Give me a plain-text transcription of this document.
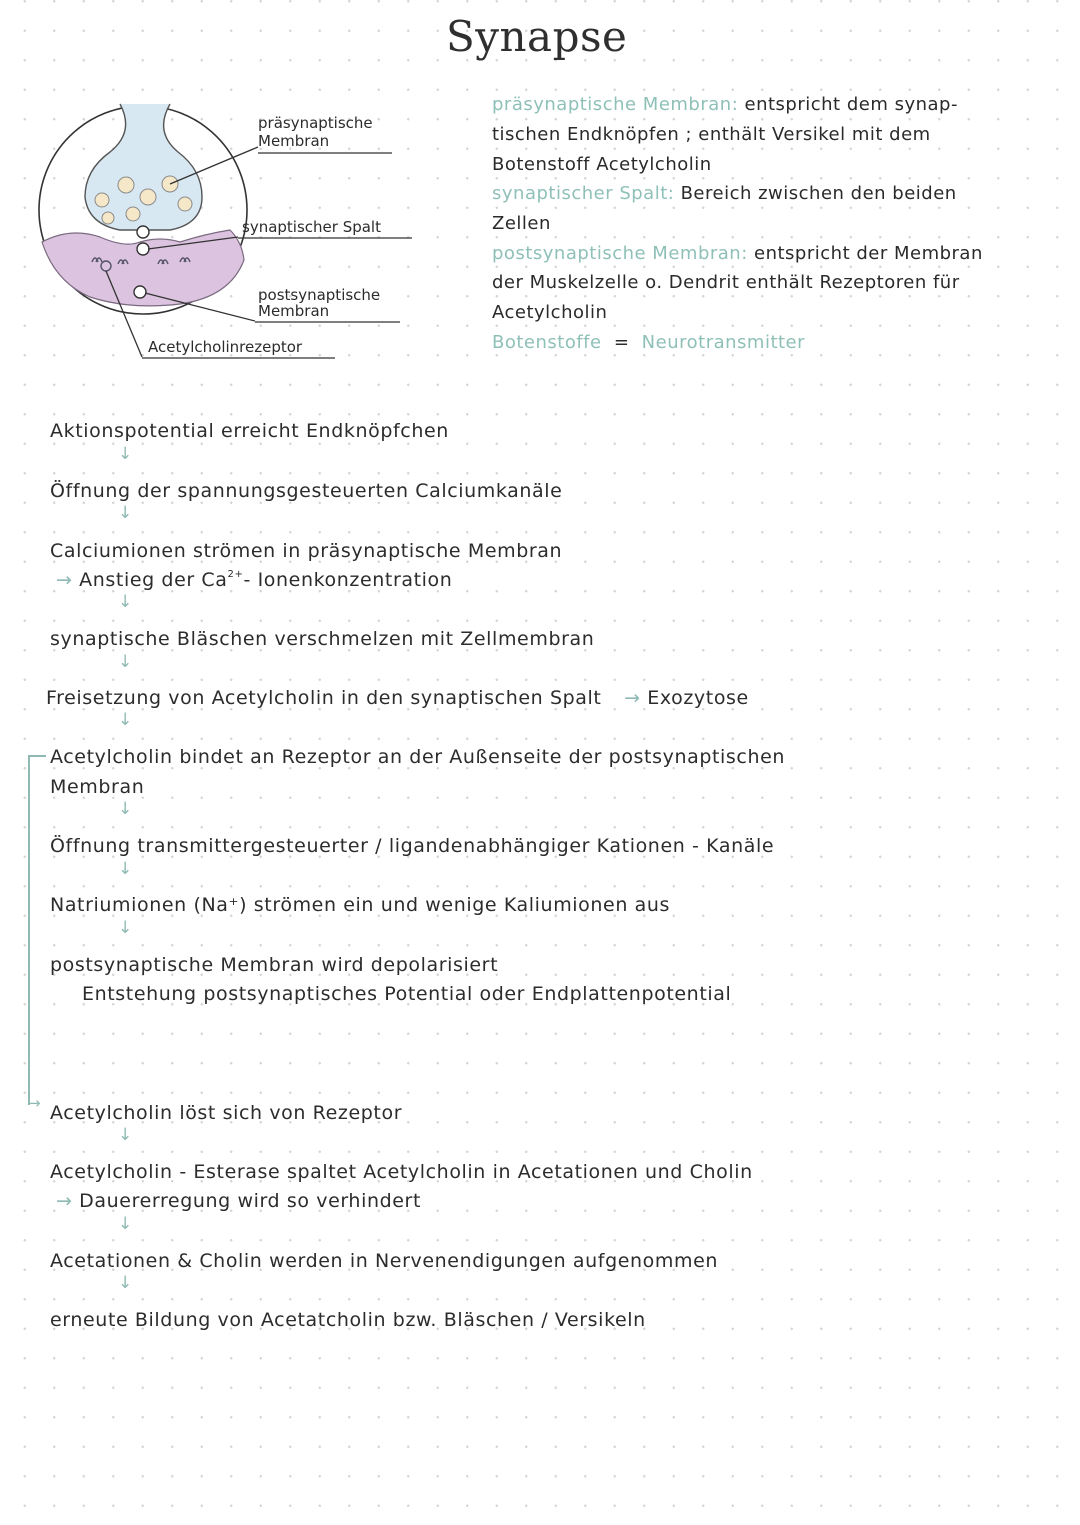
Synapse
präsynaptische
Membran
synaptischer Spalt
postsynaptische
Membran
Acetylcholinrezeptor
präsynaptische Membran: entspricht dem synap-
tischen Endknöpfen ; enthält Versikel mit dem
Botenstoff Acetylcholin
synaptischer Spalt: Bereich zwischen den beiden
Zellen
postsynaptische Membran: entspricht der Membran
der Muskelzelle o. Dendrit enthält Rezeptoren für
Acetylcholin
Botenstoffe = Neurotransmitter
Aktionspotential erreicht Endknöpfchen
↓
Öffnung der spannungsgesteuerten Calciumkanäle
↓
Calciumionen strömen in präsynaptische Membran
→ Anstieg der $Ca^{2+}-$ Ionenkonzentration
↓
synaptische Bläschen verschmelzen mit Zellmembran
↓
Freisetzung von Acetylcholin in den synaptischen Spalt → Exozytose
↓
Acetylcholin bindet an Rezeptor an der Außenseite der postsynaptischen
Membran
↓
Öffnung transmittergesteuerter / ligandenabhängiger Kationen - Kanäle
↓
Natriumionen (Na⁺) strömen ein und wenige Kaliumionen aus
↓
postsynaptische Membran wird depolarisiert
Entstehung postsynaptisches Potential oder Endplattenpotential
→ Acetylcholin löst sich von Rezeptor
↓
Acetylcholin - Esterase spaltet Acetylcholin in Acetationen und Cholin
→ Dauererregung wird so verhindert
↓
Acetationen & Cholin werden in Nervenendigungen aufgenommen
↓
erneute Bildung von Acetatcholin bzw. Bläschen / Versikeln
